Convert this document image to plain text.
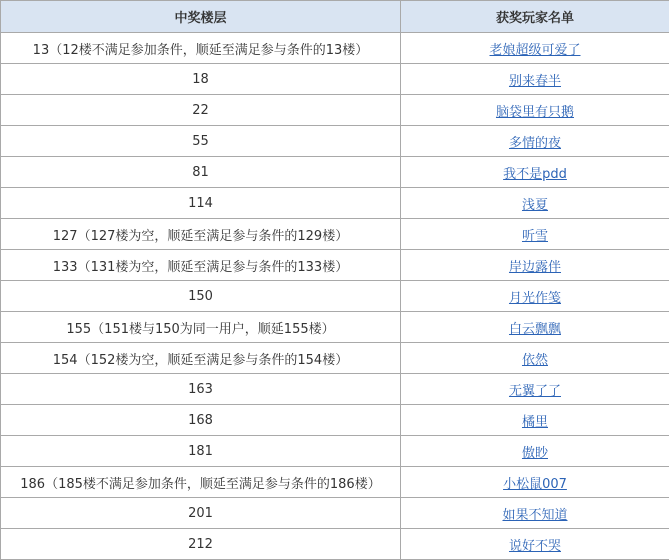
中奖楼层	获奖玩家名单
13（12楼不满足参加条件，顺延至满足参与条件的13楼）	老娘超级可爱了
18	别来春半
22	脑袋里有只鹅
55	多情的夜
81	我不是pdd
114	浅夏
127（127楼为空，顺延至满足参与条件的129楼）	听雪
133（131楼为空，顺延至满足参与条件的133楼）	岸边露伴
150	月光作笺
155（151楼与150为同一用户，顺延155楼）	白云飘飘
154（152楼为空，顺延至满足参与条件的154楼）	依然
163	无翼了了
168	橘里
181	傲眇
186（185楼不满足参加条件，顺延至满足参与条件的186楼）	小松鼠007
201	如果不知道
212	说好不哭
